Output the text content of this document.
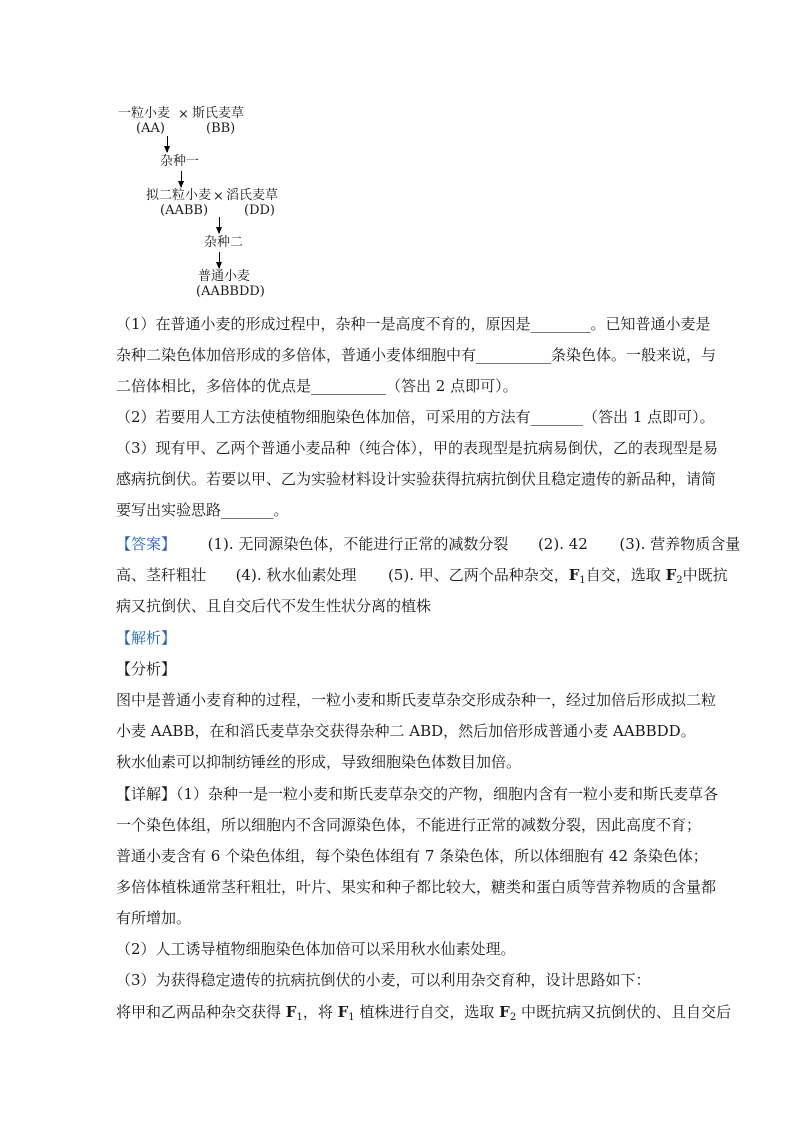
一粒小麦 × 斯氏麦草
(AA)	(BB)
杂种一
拟二粒小麦 × 滔氏麦草
(AABB)	(DD)
杂种二
普通小麦
(AABBDD)
（1）在普通小麦的形成过程中，杂种一是高度不育的，原因是________。已知普通小麦是
杂种二染色体加倍形成的多倍体，普通小麦体细胞中有__________条染色体。一般来说，与
二倍体相比，多倍体的优点是__________（答出 2 点即可）。
（2）若要用人工方法使植物细胞染色体加倍，可采用的方法有_______（答出 1 点即可）。
（3）现有甲、乙两个普通小麦品种（纯合体），甲的表现型是抗病易倒伏，乙的表现型是易
感病抗倒伏。若要以甲、乙为实验材料设计实验获得抗病抗倒伏且稳定遗传的新品种，请简
要写出实验思路_______。
【答案】 (1). 无同源染色体，不能进行正常的减数分裂 (2). 42 (3). 营养物质含量
高、茎秆粗壮 (4). 秋水仙素处理 (5). 甲、乙两个品种杂交，$F_1$自交，选取 $F_2$中既抗
病又抗倒伏、且自交后代不发生性状分离的植株
【解析】
【分析】
图中是普通小麦育种的过程，一粒小麦和斯氏麦草杂交形成杂种一，经过加倍后形成拟二粒
小麦 AABB，在和滔氏麦草杂交获得杂种二 ABD，然后加倍形成普通小麦 AABBDD。
秋水仙素可以抑制纺锤丝的形成，导致细胞染色体数目加倍。
【详解】（1）杂种一是一粒小麦和斯氏麦草杂交的产物，细胞内含有一粒小麦和斯氏麦草各
一个染色体组，所以细胞内不含同源染色体，不能进行正常的减数分裂，因此高度不育；
普通小麦含有 6 个染色体组，每个染色体组有 7 条染色体，所以体细胞有 42 条染色体；
多倍体植株通常茎秆粗壮，叶片、果实和种子都比较大，糖类和蛋白质等营养物质的含量都
有所增加。
（2）人工诱导植物细胞染色体加倍可以采用秋水仙素处理。
（3）为获得稳定遗传的抗病抗倒伏的小麦，可以利用杂交育种，设计思路如下：
将甲和乙两品种杂交获得 $F_1$，将 $F_1$ 植株进行自交，选取 $F_2$ 中既抗病又抗倒伏的、且自交后
